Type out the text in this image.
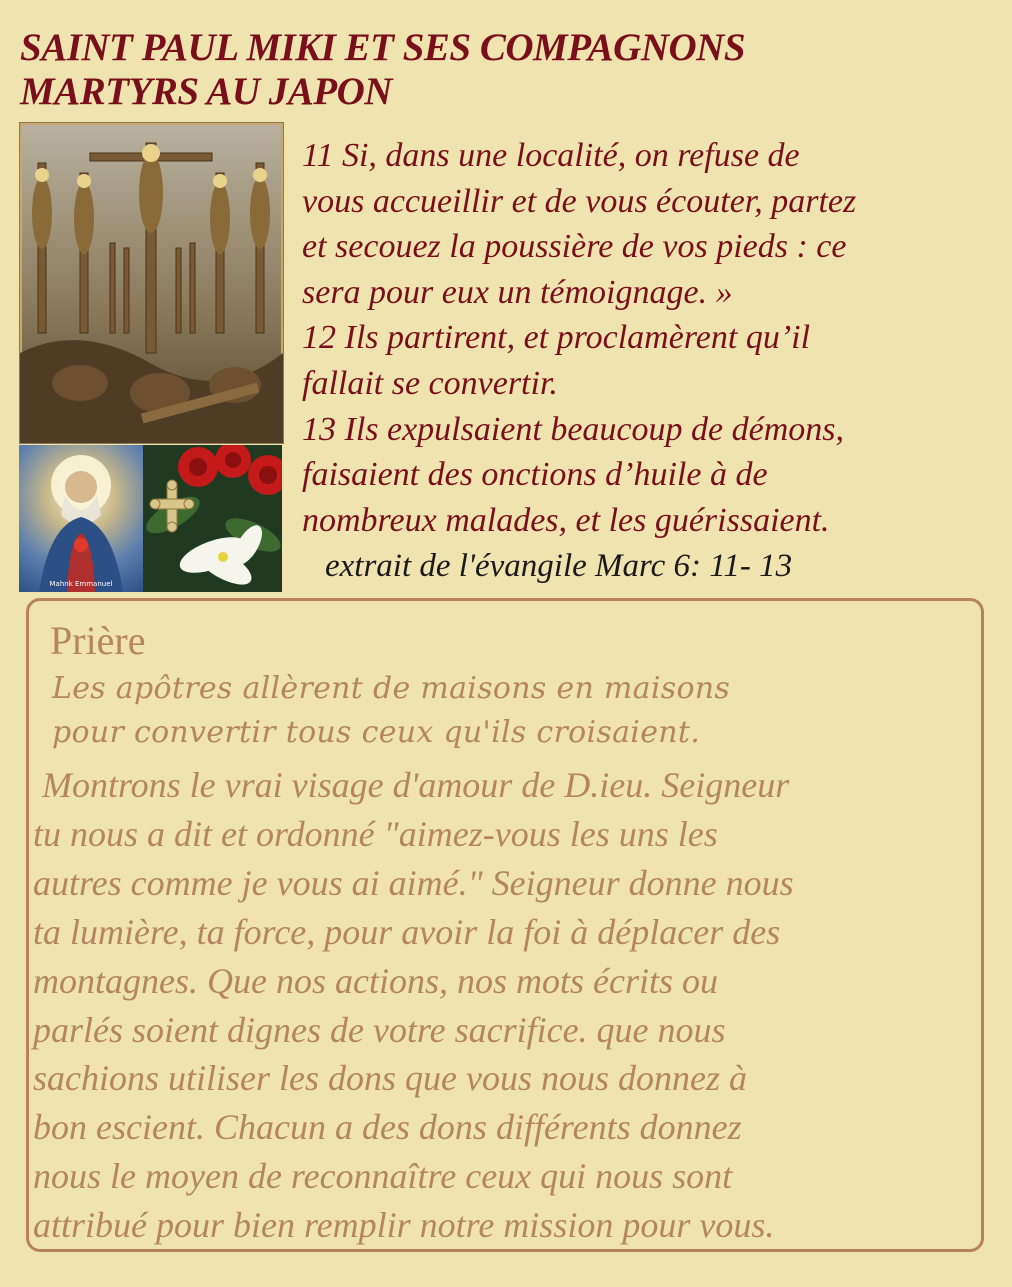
SAINT PAUL MIKI ET SES COMPAGNONS
MARTYRS AU JAPON
Mahnk Emmanuel

11 Si, dans une localité, on refuse de

vous accueillir et de vous écouter, partez

et secouez la poussière de vos pieds : ce

sera pour eux un témoignage. »

12 Ils partirent, et proclamèrent qu’il

fallait se convertir.

13 Ils expulsaient beaucoup de démons,

faisaient des onctions d’huile à de

nombreux malades, et les guérissaient.

extrait de l'évangile Marc 6: 11- 13
Prière
Les apôtres allèrent de maisons en maisons
pour convertir tous ceux qu'ils croisaient.
Montrons le vrai visage d'amour de D.ieu. Seigneur
tu nous a dit et ordonné "aimez-vous les uns les
autres comme je vous ai aimé." Seigneur donne nous
ta lumière, ta force, pour avoir la foi à déplacer des
montagnes. Que nos actions, nos mots écrits ou
parlés soient dignes de votre sacrifice. que nous
sachions utiliser les dons que vous nous donnez à
bon escient. Chacun a des dons différents donnez
nous le moyen de reconnaître ceux qui nous sont
attribué pour bien remplir notre mission pour vous.
